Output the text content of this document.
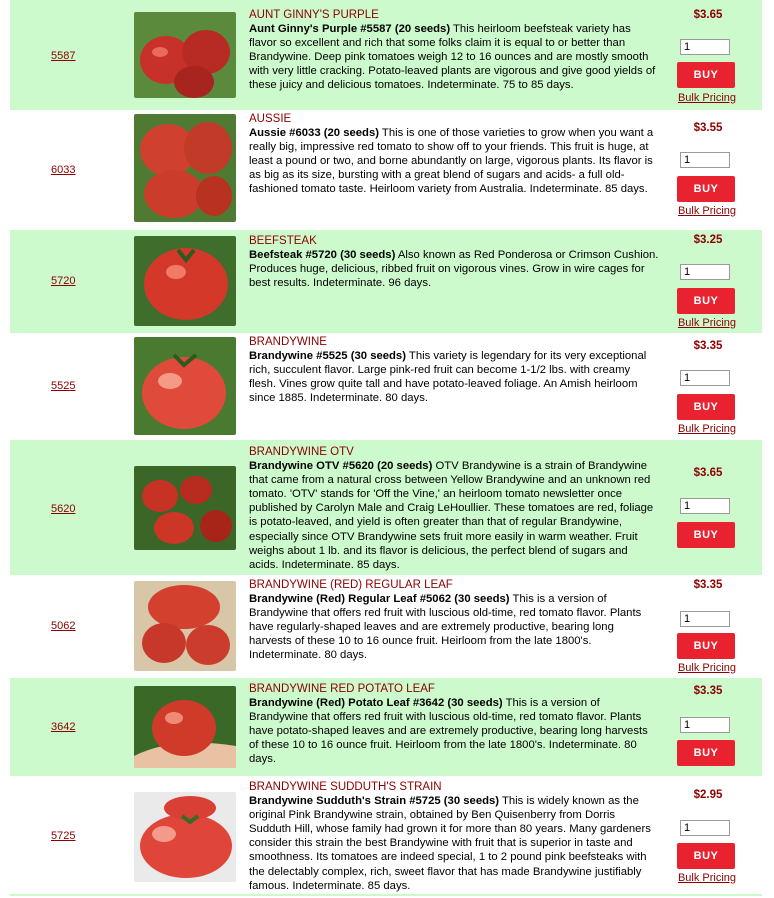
5587
AUNT GINNY'S PURPLE
Aunt Ginny's Purple #5587 (20 seeds) This heirloom beefsteak variety has flavor so excellent and rich that some folks claim it is equal to or better than Brandywine. Deep pink tomatoes weigh 12 to 16 ounces and are mostly smooth with very little cracking. Potato-leaved plants are vigorous and give good yields of these juicy and delicious tomatoes. Indeterminate. 75 to 85 days.
$3.65
1
BUY
Bulk Pricing
6033
AUSSIE
Aussie #6033 (20 seeds) This is one of those varieties to grow when you want a really big, impressive red tomato to show off to your friends. This fruit is huge, at least a pound or two, and borne abundantly on large, vigorous plants. Its flavor is as big as its size, bursting with a great blend of sugars and acids- a full old-fashioned tomato taste. Heirloom variety from Australia. Indeterminate. 85 days.
$3.55
1
BUY
Bulk Pricing
5720
BEEFSTEAK
Beefsteak #5720 (30 seeds) Also known as Red Ponderosa or Crimson Cushion. Produces huge, delicious, ribbed fruit on vigorous vines. Grow in wire cages for best results. Indeterminate. 96 days.
$3.25
1
BUY
Bulk Pricing
5525
BRANDYWINE
Brandywine #5525 (30 seeds) This variety is legendary for its very exceptional rich, succulent flavor. Large pink-red fruit can become 1-1/2 lbs. with creamy flesh. Vines grow quite tall and have potato-leaved foliage. An Amish heirloom since 1885. Indeterminate. 80 days.
$3.35
1
BUY
Bulk Pricing
5620
BRANDYWINE OTV
Brandywine OTV #5620 (20 seeds) OTV Brandywine is a strain of Brandywine that came from a natural cross between Yellow Brandywine and an unknown red tomato. 'OTV' stands for 'Off the Vine,' an heirloom tomato newsletter once published by Carolyn Male and Craig LeHoullier. These tomatoes are red, foliage is potato-leaved, and yield is often greater than that of regular Brandywine, especially since OTV Brandywine sets fruit more easily in warm weather. Fruit weighs about 1 lb. and its flavor is delicious, the perfect blend of sugars and acids. Indeterminate. 85 days.
$3.65
1
BUY
5062
BRANDYWINE (RED) REGULAR LEAF
Brandywine (Red) Regular Leaf #5062 (30 seeds) This is a version of Brandywine that offers red fruit with luscious old-time, red tomato flavor. Plants have regularly-shaped leaves and are extremely productive, bearing long harvests of these 10 to 16 ounce fruit. Heirloom from the late 1800's. Indeterminate. 80 days.
$3.35
1
BUY
Bulk Pricing
3642
BRANDYWINE RED POTATO LEAF
Brandywine (Red) Potato Leaf #3642 (30 seeds) This is a version of Brandywine that offers red fruit with luscious old-time, red tomato flavor. Plants have potato-shaped leaves and are extremely productive, bearing long harvests of these 10 to 16 ounce fruit. Heirloom from the late 1800's. Indeterminate. 80 days.
$3.35
1
BUY
5725
BRANDYWINE SUDDUTH'S STRAIN
Brandywine Sudduth's Strain #5725 (30 seeds) This is widely known as the original Pink Brandywine strain, obtained by Ben Quisenberry from Dorris Sudduth Hill, whose family had grown it for more than 80 years. Many gardeners consider this strain the best Brandywine with fruit that is superior in taste and smoothness. Its tomatoes are indeed special, 1 to 2 pound pink beefsteaks with the delectably complex, rich, sweet flavor that has made Brandywine justifiably famous. Indeterminate. 85 days.
$2.95
1
BUY
Bulk Pricing
